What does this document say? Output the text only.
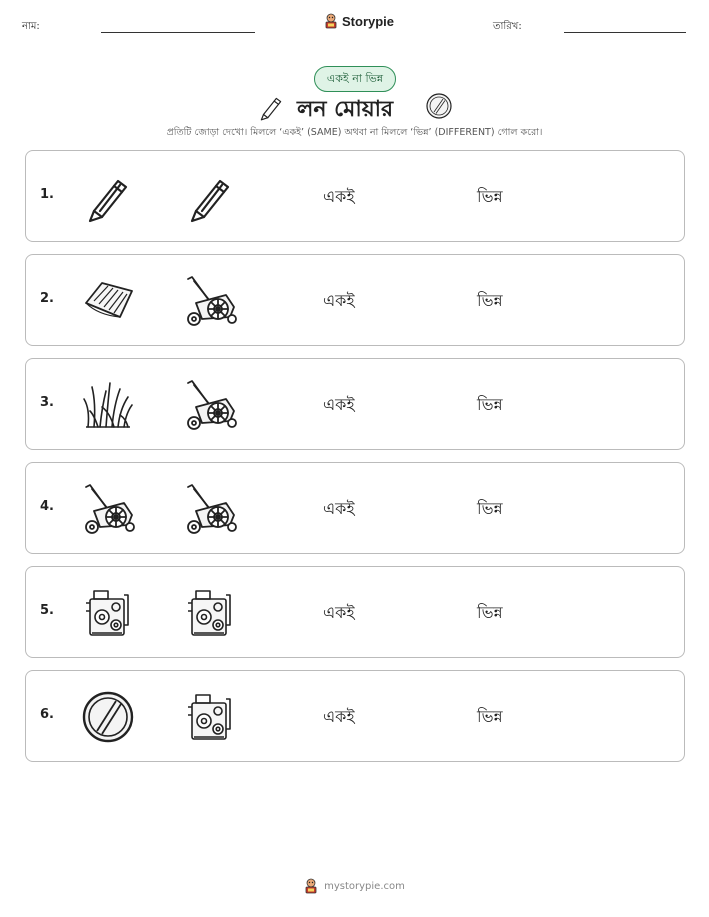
নাম:	Storypie	তারিখ:
একই না ভিন্ন
লন মোয়ার
প্রতিটি জোড়া দেখো। মিললে ‘একই’ (SAME) অথবা না মিললে ‘ভিন্ন’ (DIFFERENT) গোল করো।
1.	একই	ভিন্ন
2.	একই	ভিন্ন
3.	একই	ভিন্ন
4.	একই	ভিন্ন
5.	একই	ভিন্ন
6.	একই	ভিন্ন
mystorypie.com
